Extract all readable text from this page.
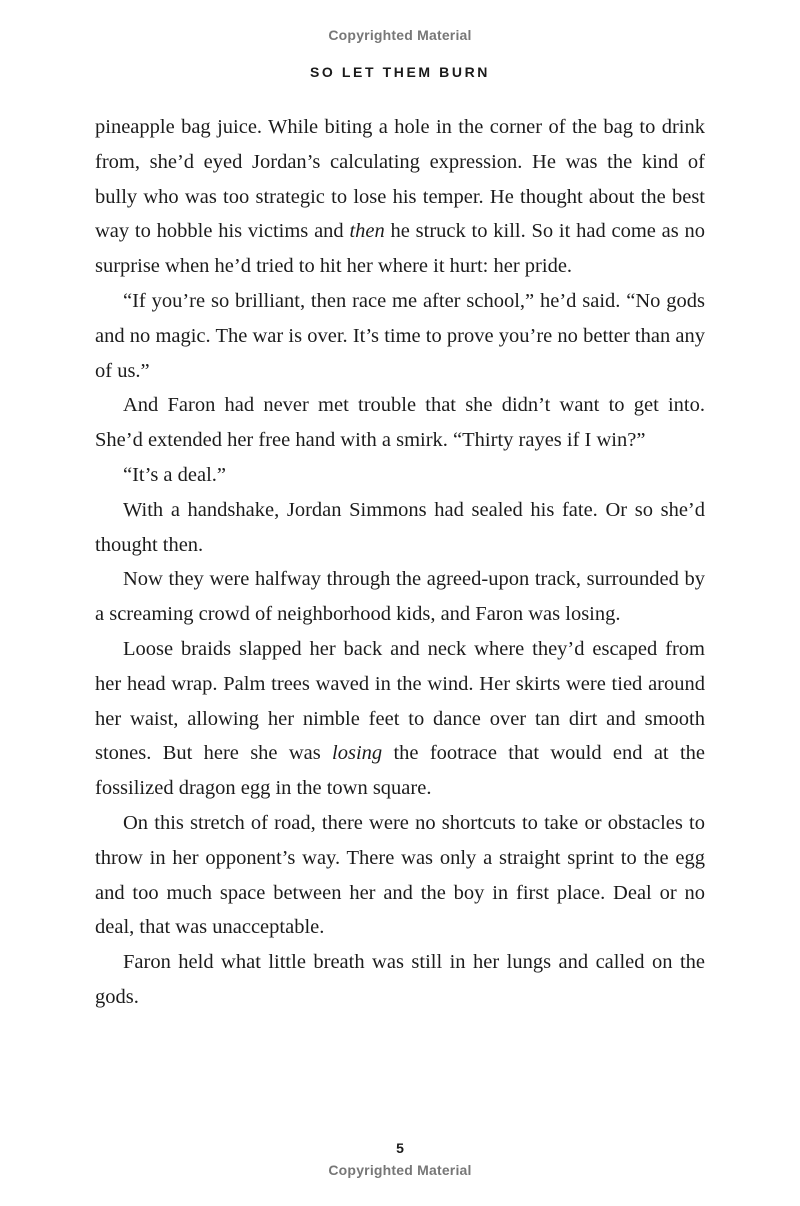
Copyrighted Material
SO LET THEM BURN

pineapple bag juice. While biting a hole in the corner of the bag to drink from, she’d eyed Jordan’s calculating expression. He was the kind of bully who was too strategic to lose his temper. He thought about the best way to hobble his victims and then he struck to kill. So it had come as no surprise when he’d tried to hit her where it hurt: her pride.

“If you’re so brilliant, then race me after school,” he’d said. “No gods and no magic. The war is over. It’s time to prove you’re no better than any of us.”

And Faron had never met trouble that she didn’t want to get into. She’d extended her free hand with a smirk. “Thirty rayes if I win?”

“It’s a deal.”

With a handshake, Jordan Simmons had sealed his fate. Or so she’d thought then.

Now they were halfway through the agreed-upon track, surrounded by a screaming crowd of neighborhood kids, and Faron was losing.

Loose braids slapped her back and neck where they’d escaped from her head wrap. Palm trees waved in the wind. Her skirts were tied around her waist, allowing her nimble feet to dance over tan dirt and smooth stones. But here she was losing the footrace that would end at the fossilized dragon egg in the town square.

On this stretch of road, there were no shortcuts to take or obstacles to throw in her opponent’s way. There was only a straight sprint to the egg and too much space between her and the boy in first place. Deal or no deal, that was unacceptable.

Faron held what little breath was still in her lungs and called on the gods.

5
Copyrighted Material
